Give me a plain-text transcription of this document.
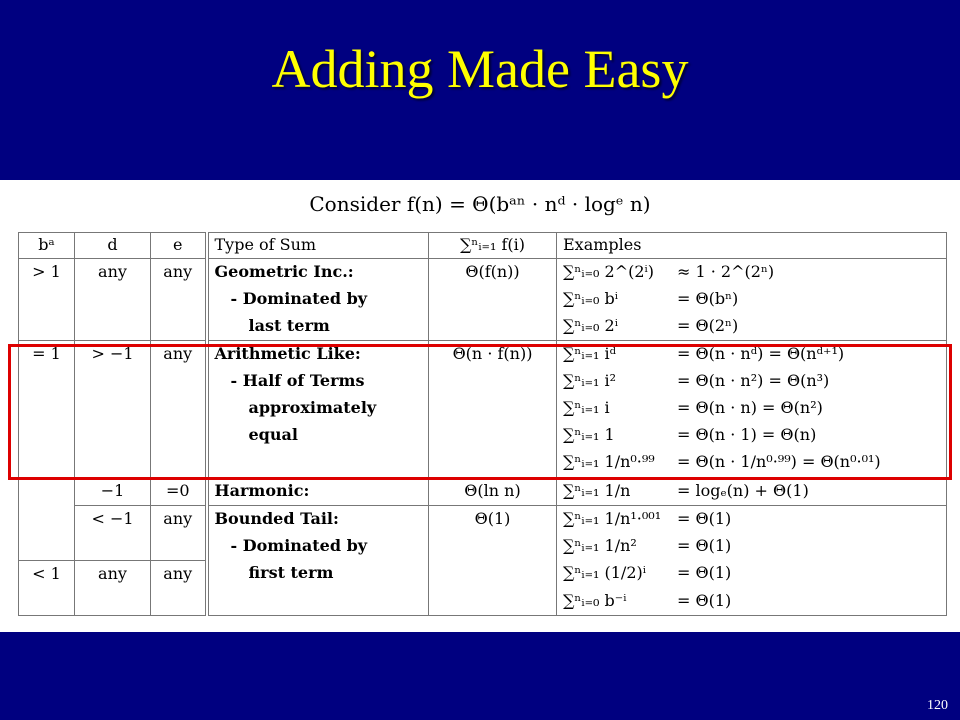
Adding Made Easy
Consider f(n) = Θ(bᵃⁿ · nᵈ · logᵉ n)
bᵃ	d	e	Type of Sum	∑ⁿᵢ₌₁ f(i)	Examples
> 1	any	any	Geometric Inc.:	Θ(f(n))	∑ⁿᵢ₌₀ 2^(2ⁱ) ≈ 1 · 2^(2ⁿ)
			- Dominated by		∑ⁿᵢ₌₀ bⁱ = Θ(bⁿ)
			last term		∑ⁿᵢ₌₀ 2ⁱ = Θ(2ⁿ)
= 1	> −1	any	Arithmetic Like:	Θ(n · f(n))	∑ⁿᵢ₌₁ iᵈ = Θ(n · nᵈ) = Θ(nᵈ⁺¹)
			- Half of Terms		∑ⁿᵢ₌₁ i² = Θ(n · n²) = Θ(n³)
			approximately		∑ⁿᵢ₌₁ i = Θ(n · n) = Θ(n²)
			equal		∑ⁿᵢ₌₁ 1 = Θ(n · 1) = Θ(n)
					∑ⁿᵢ₌₁ 1/n⁰·⁹⁹ = Θ(n · 1/n⁰·⁹⁹) = Θ(n⁰·⁰¹)
	−1	=0	Harmonic:	Θ(ln n)	∑ⁿᵢ₌₁ 1/n = logₑ(n) + Θ(1)
	< −1	any	Bounded Tail:	Θ(1)	∑ⁿᵢ₌₁ 1/n¹·⁰⁰¹ = Θ(1)
			- Dominated by		∑ⁿᵢ₌₁ 1/n² = Θ(1)
< 1	any	any	first term		∑ⁿᵢ₌₁ (1/2)ⁱ = Θ(1)
					∑ⁿᵢ₌₀ b⁻ⁱ = Θ(1)
120
